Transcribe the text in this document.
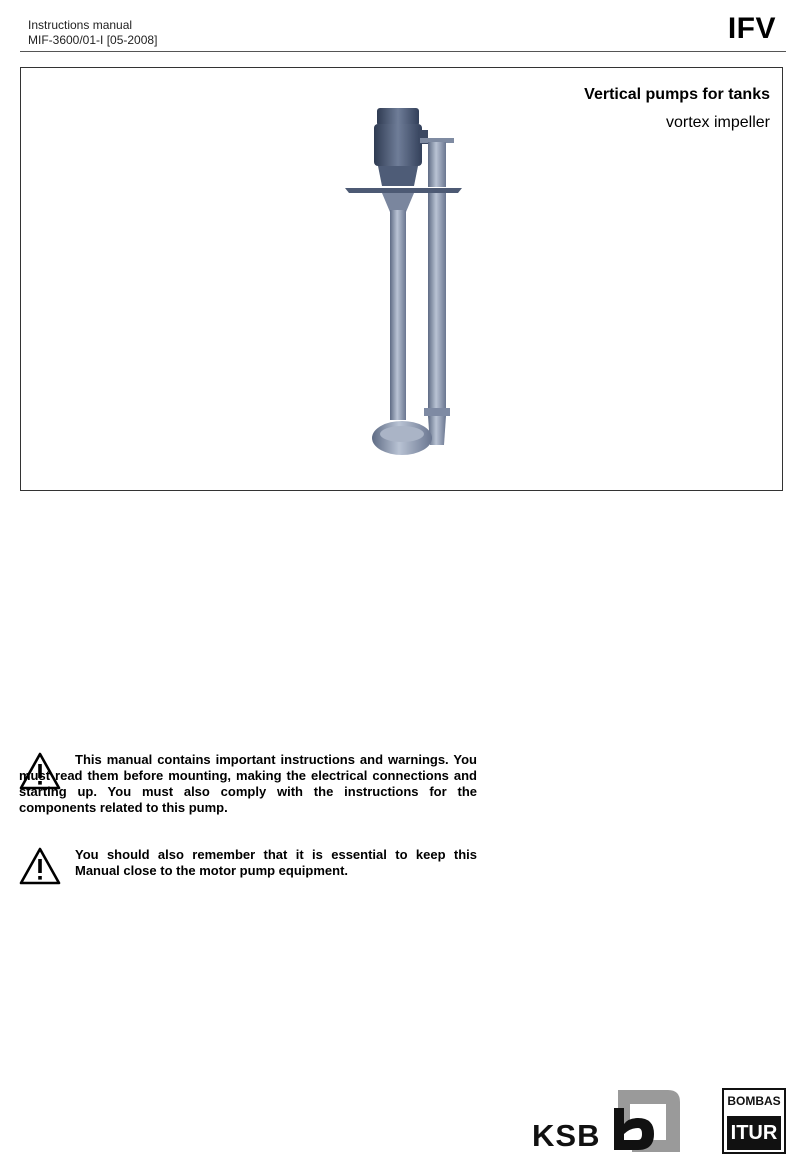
Instructions manual
MIF-3600/01-I [05-2008]	IFV
Vertical pumps for tanks
vortex impeller
This manual contains important instructions and warnings. You must read them before mounting, making the electrical connections and starting up. You must also comply with the instructions for the components related to this pump.
You should also remember that it is essential to keep this Manual close to the motor pump equipment.
KSB
BOMBAS
ITUR
